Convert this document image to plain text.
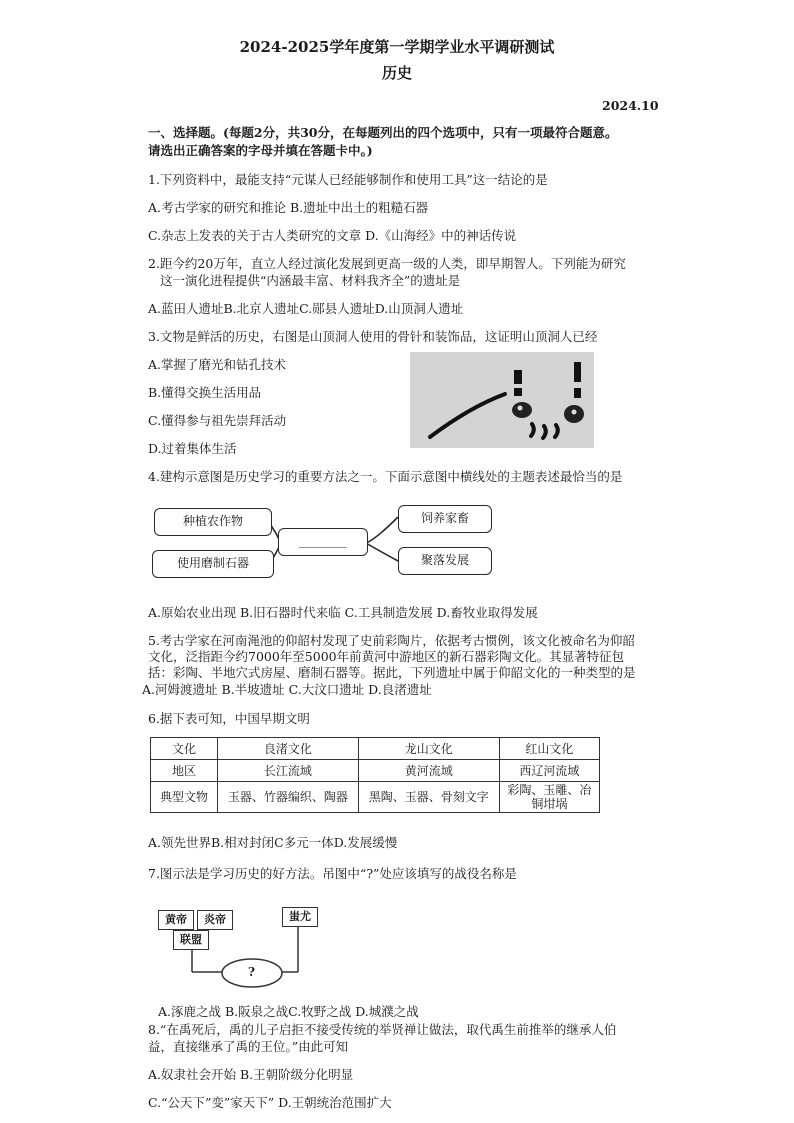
2024-2025学年度第一学期学业水平调研测试
历史
2024.10
一、选择题。(每题2分，共30分，在每题列出的四个选项中，只有一项最符合题意。
请选出正确答案的字母并填在答题卡中。)
1.下列资料中，最能支持“元谋人已经能够制作和使用工具”这一结论的是
A.考古学家的研究和推论 B.遗址中出土的粗糙石器
C.杂志上发表的关于古人类研究的文章 D.《山海经》中的神话传说
2.距今约20万年，直立人经过演化发展到更高一级的人类，即早期智人。下列能为研究
这一演化进程提供“内涵最丰富、材料我齐全”的遗址是
A.蓝田人遗址B.北京人遗址C.郧县人遗址D.山顶洞人遗址
3.文物是鲜活的历史，右图是山顶洞人使用的骨针和装饰品，这证明山顶洞人已经
A.掌握了磨光和钻孔技术
B.懂得交换生活用品
C.懂得参与祖先崇拜活动
D.过着集体生活
4.建构示意图是历史学习的重要方法之一。下面示意图中横线处的主题表述最恰当的是
种植农作物
使用磨制石器
________
饲养家畜
聚落发展
A.原始农业出现 B.旧石器时代来临 C.工具制造发展 D.畜牧业取得发展
5.考古学家在河南渑池的仰韶村发现了史前彩陶片，依据考古惯例，该文化被命名为仰韶
文化，泛指距今约7000年至5000年前黄河中游地区的新石器彩陶文化。其显著特征包
括：彩陶、半地穴式房屋、磨制石器等。据此，下列遗址中属于仰韶文化的一种类型的是
A.河姆渡遗址 B.半坡遗址 C.大汶口遗址 D.良渚遗址
6.据下表可知，中国早期文明
文化	良渚文化	龙山文化	红山文化
地区	长江流域	黄河流域	西辽河流域
典型文物	玉器、竹器编织、陶器	黑陶、玉器、骨刻文字	彩陶、玉雕、冶
铜坩埚
A.领先世界B.相对封闭C多元一体D.发展缓慢
7.图示法是学习历史的好方法。吊图中“?”处应该填写的战役名称是
黄帝	炎帝
联盟
蚩尤
?
A.涿鹿之战 B.阪泉之战C.牧野之战 D.城濮之战
8.“在禹死后，禹的儿子启拒不接受传统的举贤禅让做法，取代禹生前推举的继承人伯
益，直接继承了禹的王位。”由此可知
A.奴隶社会开始 B.王朝阶级分化明显
C.“公天下”变”家天下” D.王朝统治范围扩大
